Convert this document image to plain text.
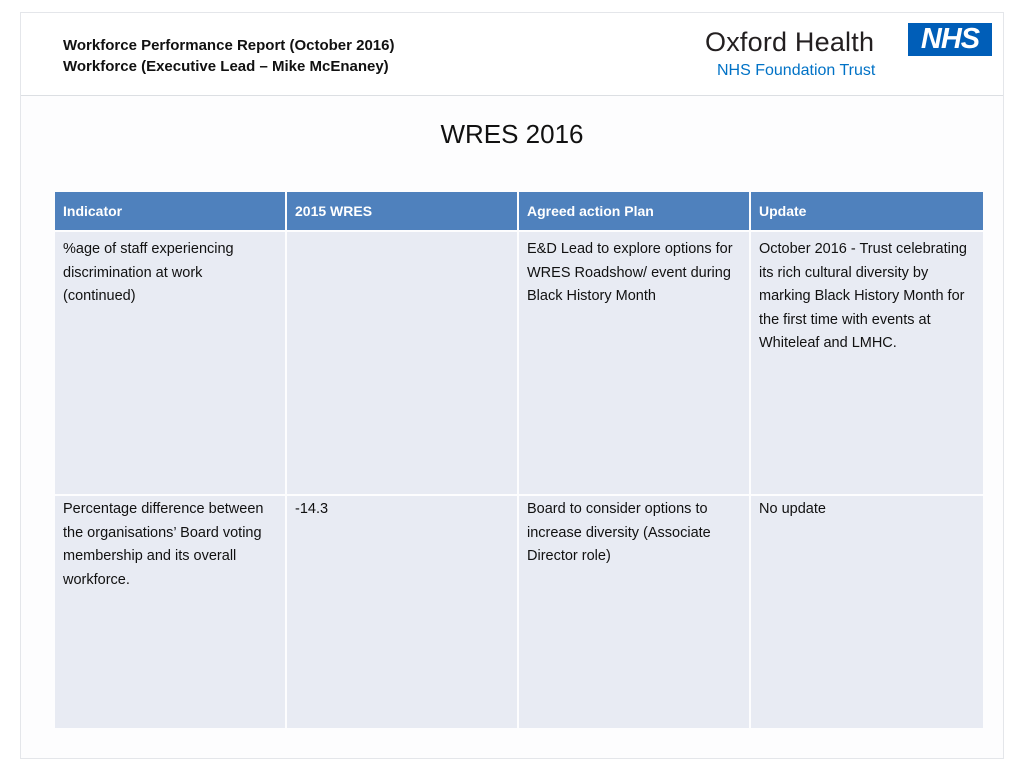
Workforce Performance Report (October 2016)
Workforce (Executive Lead – Mike McEnaney)
Oxford Health	NHS
NHS Foundation Trust
WRES 2016
Indicator	2015 WRES	Agreed action Plan	Update
%age of staff experiencing discrimination at work (continued)		E&D Lead to explore options for WRES Roadshow/ event during Black History Month	October 2016 - Trust celebrating its rich cultural diversity by marking Black History Month for the first time with events at Whiteleaf and LMHC.
Percentage difference between the organisations’ Board voting membership and its overall workforce.	-14.3	Board to consider options to increase diversity (Associate Director role)	No update
